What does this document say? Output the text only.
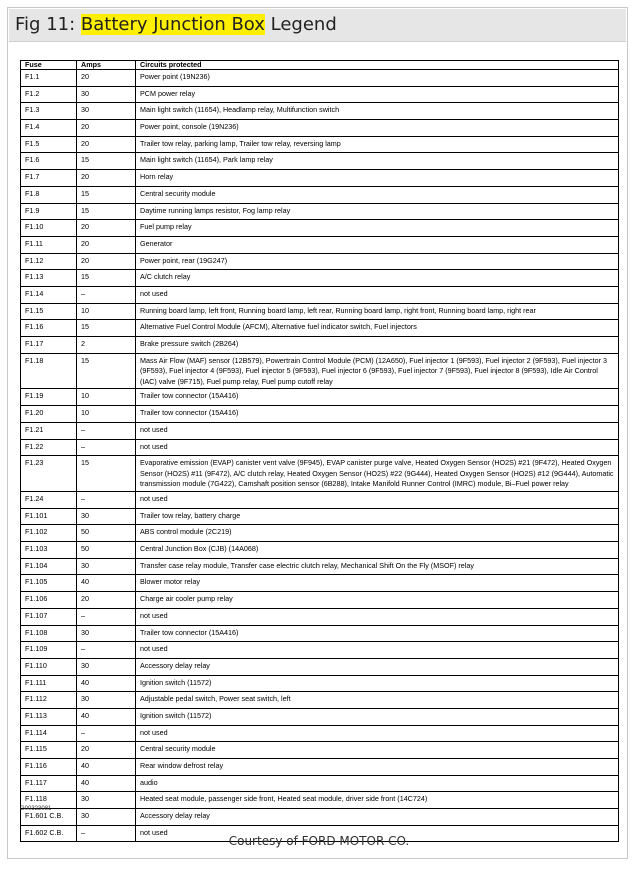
Fig 11: Battery Junction Box Legend
Fuse	Amps	Circuits protected
F1.1	20	Power point (19N236)
F1.2	30	PCM power relay
F1.3	30	Main light switch (11654), Headlamp relay, Multifunction switch
F1.4	20	Power point, console (19N236)
F1.5	20	Trailer tow relay, parking lamp, Trailer tow relay, reversing lamp
F1.6	15	Main light switch (11654), Park lamp relay
F1.7	20	Horn relay
F1.8	15	Central security module
F1.9	15	Daytime running lamps resistor, Fog lamp relay
F1.10	20	Fuel pump relay
F1.11	20	Generator
F1.12	20	Power point, rear (19G247)
F1.13	15	A/C clutch relay
F1.14	–	not used
F1.15	10	Running board lamp, left front, Running board lamp, left rear, Running board lamp, right front, Running board lamp, right rear
F1.16	15	Alternative Fuel Control Module (AFCM), Alternative fuel indicator switch, Fuel injectors
F1.17	2	Brake pressure switch (2B264)
F1.18	15	Mass Air Flow (MAF) sensor (12B579), Powertrain Control Module (PCM) (12A650), Fuel injector 1 (9F593), Fuel injector 2 (9F593), Fuel injector 3 (9F593), Fuel injector 4 (9F593), Fuel injector 5 (9F593), Fuel injector 6 (9F593), Fuel injector 7 (9F593), Fuel injector 8 (9F593), Idle Air Control (IAC) valve (9F715), Fuel pump relay, Fuel pump cutoff relay
F1.19	10	Trailer tow connector (15A416)
F1.20	10	Trailer tow connector (15A416)
F1.21	–	not used
F1.22	–	not used
F1.23	15	Evaporative emission (EVAP) canister vent valve (9F945), EVAP canister purge valve, Heated Oxygen Sensor (HO2S) #21 (9F472), Heated Oxygen Sensor (HO2S) #11 (9F472), A/C clutch relay, Heated Oxygen Sensor (HO2S) #22 (9G444), Heated Oxygen Sensor (HO2S) #12 (9G444), Automatic transmission module (7G422), Camshaft position sensor (6B288), Intake Manifold Runner Control (IMRC) module, Bi–Fuel power relay
F1.24	–	not used
F1.101	30	Trailer tow relay, battery charge
F1.102	50	ABS control module (2C219)
F1.103	50	Central Junction Box (CJB) (14A068)
F1.104	30	Transfer case relay module, Transfer case electric clutch relay, Mechanical Shift On the Fly (MSOF) relay
F1.105	40	Blower motor relay
F1.106	20	Charge air cooler pump relay
F1.107	–	not used
F1.108	30	Trailer tow connector (15A416)
F1.109	–	not used
F1.110	30	Accessory delay relay
F1.111	40	Ignition switch (11572)
F1.112	30	Adjustable pedal switch, Power seat switch, left
F1.113	40	Ignition switch (11572)
F1.114	–	not used
F1.115	20	Central security module
F1.116	40	Rear window defrost relay
F1.117	40	audio
F1.118	30	Heated seat module, passenger side front, Heated seat module, driver side front (14C724)
F1.601 C.B.	30	Accessory delay relay
F1.602 C.B.	–	not used
G00323081
Courtesy of FORD MOTOR CO.
